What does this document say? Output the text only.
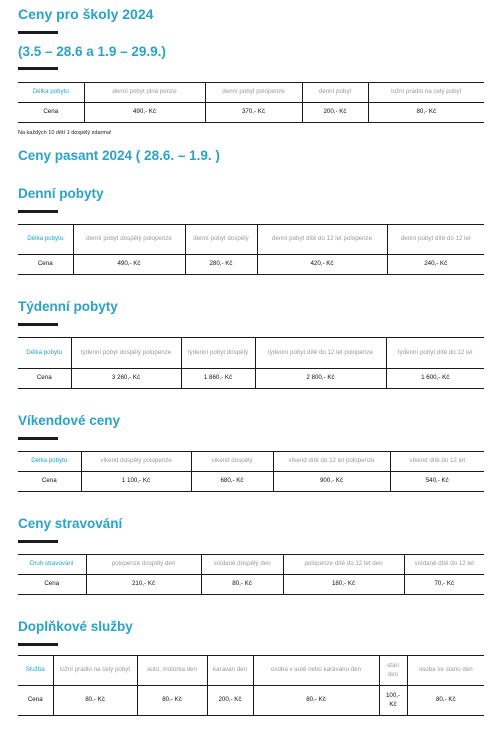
Ceny pro školy 2024
(3.5 – 28.6 a 1.9 – 29.9.)
Délka pobytu	denní pobyt plná penze	denní pobyt polopenze	denní pobyt	ložní prádlo na celý pobyt
Cena	490,- Kč	370,- Kč	200,- Kč	80,- Kč
Na každých 10 dětí 1 dospělý zdarma!
Ceny pasant 2024 ( 28.6. – 1.9. )
Denní pobyty
Délka pobytu	denní pobyt dospělý polopenze	denní pobyt dospělý	denní pobyt dítě do 12 let polopenze	denní pobyt dítě do 12 let
Cena	490,- Kč	280,- Kč	420,- Kč	240,- Kč
Týdenní pobyty
Délka pobytu	týdenní pobyt dospělý polopenze	týdenní pobyt dospělý	týdenní pobyt dítě do 12 let polopenze	týdenní pobyt dítě do 12 let
Cena	3 260,- Kč	1 860,- Kč	2 800,- Kč	1 600,- Kč
Víkendové ceny
Délka pobytu	víkend dospělý polopenze	víkend dospělý	víkend dítě do 12 let polopenze	víkend dítě do 12 let
Cena	1 100,- Kč	680,- Kč	900,- Kč	540,- Kč
Ceny stravování
Druh stravování	polopenze dospělý den	snídaně dospělý den	polopenze dítě do 12 let den	snídaně dítě do 12 let
Cena	210,- Kč	80,- Kč	180,- Kč	70,- Kč
Doplňkové služby
Služba	ložní prádlo na celý pobyt	auto, motorka den	karavan den	osoba v autě nebo karavanu den	stan den	osoba ve stanu den
Cena	80,- Kč	80,- Kč	200,- Kč	80,- Kč	100,- Kč	80,- Kč
